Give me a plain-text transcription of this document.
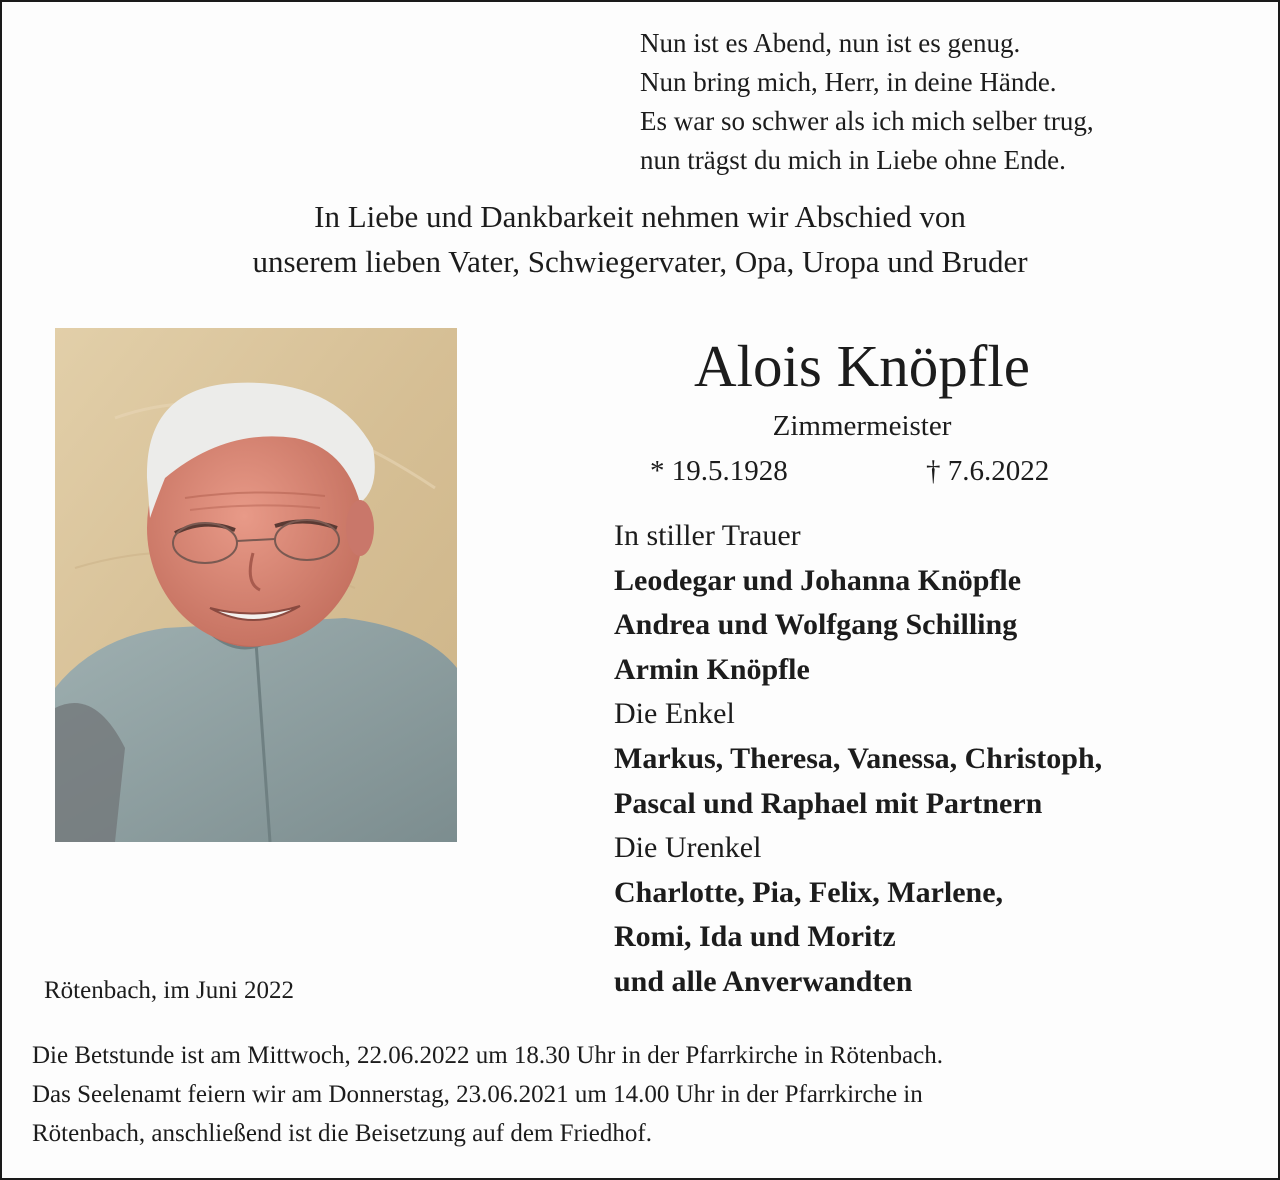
Nun ist es Abend, nun ist es genug.
Nun bring mich, Herr, in deine Hände.
Es war so schwer als ich mich selber trug,
nun trägst du mich in Liebe ohne Ende.
In Liebe und Dankbarkeit nehmen wir Abschied von
unserem lieben Vater, Schwiegervater, Opa, Uropa und Bruder
Alois Knöpfle
Zimmermeister
* 19.5.1928	† 7.6.2022
In stiller Trauer
Leodegar und Johanna Knöpfle
Andrea und Wolfgang Schilling
Armin Knöpfle
Die Enkel
Markus, Theresa, Vanessa, Christoph,
Pascal und Raphael mit Partnern
Die Urenkel
Charlotte, Pia, Felix, Marlene,
Romi, Ida und Moritz
und alle Anverwandten
Rötenbach, im Juni 2022
Die Betstunde ist am Mittwoch, 22.06.2022 um 18.30 Uhr in der Pfarrkirche in Rötenbach.
Das Seelenamt feiern wir am Donnerstag, 23.06.2021 um 14.00 Uhr in der Pfarrkirche in
Rötenbach, anschließend ist die Beisetzung auf dem Friedhof.
